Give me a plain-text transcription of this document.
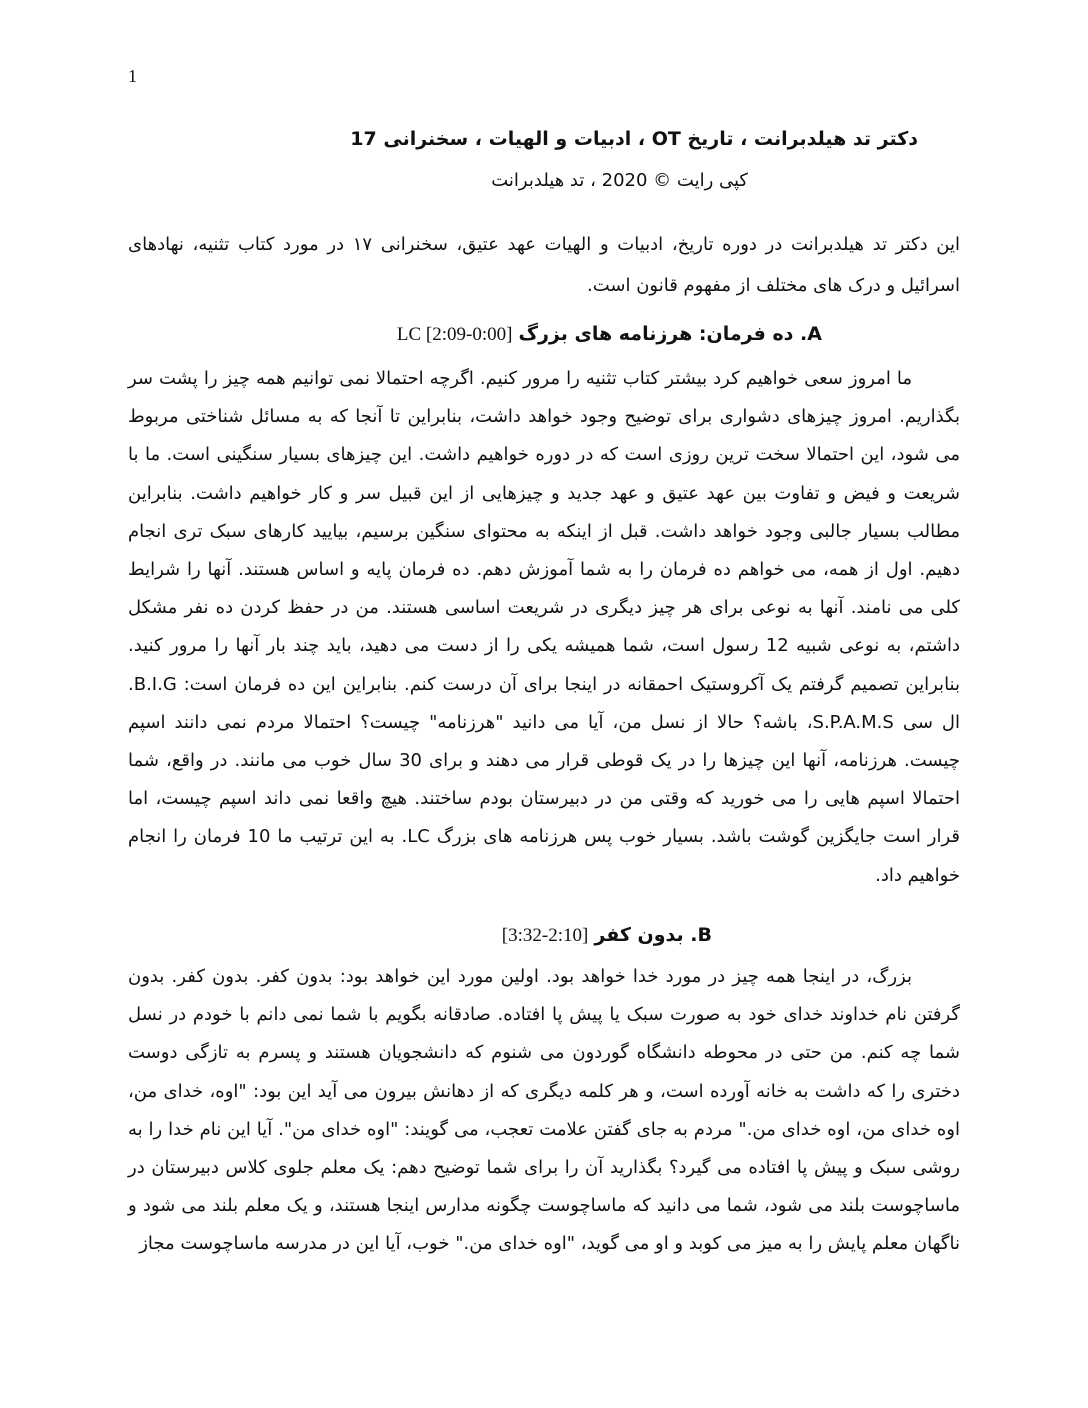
1
دکتر تد هیلدبرانت ، تاریخ OT ، ادبیات و الهیات ، سخنرانی 17
کپی رایت © 2020 ، تد هیلدبرانت
این دکتر تد هیلدبرانت در دوره تاریخ، ادبیات و الهیات عهد عتیق، سخنرانی ۱۷ در مورد کتاب تثنیه، نهادهای اسرائیل و درک های مختلف از مفهوم قانون است.
A. ده فرمان: هرزنامه های بزرگ [0:00-2:09] LC
ما امروز سعی خواهیم کرد بیشتر کتاب تثنیه را مرور کنیم. اگرچه احتمالا نمی توانیم همه چیز را پشت سر بگذاریم. امروز چیزهای دشواری برای توضیح وجود خواهد داشت، بنابراین تا آنجا که به مسائل شناختی مربوط می شود، این احتمالا سخت ترین روزی است که در دوره خواهیم داشت. این چیزهای بسیار سنگینی است. ما با شریعت و فیض و تفاوت بین عهد عتیق و عهد جدید و چیزهایی از این قبیل سر و کار خواهیم داشت. بنابراین مطالب بسیار جالبی وجود خواهد داشت. قبل از اینکه به محتوای سنگین برسیم، بیایید کارهای سبک تری انجام دهیم. اول از همه، می خواهم ده فرمان را به شما آموزش دهم. ده فرمان پایه و اساس هستند. آنها را شرایط کلی می نامند. آنها به نوعی برای هر چیز دیگری در شریعت اساسی هستند. من در حفظ کردن ده نفر مشکل داشتم، به نوعی شبیه 12 رسول است، شما همیشه یکی را از دست می دهید، باید چند بار آنها را مرور کنید. بنابراین تصمیم گرفتم یک آکروستیک احمقانه در اینجا برای آن درست کنم. بنابراین این ده فرمان است: B.I.G. ال سی S.P.A.M.S، باشه؟ حالا از نسل من، آیا می دانید "هرزنامه" چیست؟ احتمالا مردم نمی دانند اسپم چیست. هرزنامه، آنها این چیزها را در یک قوطی قرار می دهند و برای 30 سال خوب می مانند. در واقع، شما احتمالا اسپم هایی را می خورید که وقتی من در دبیرستان بودم ساختند. هیچ واقعا نمی داند اسپم چیست، اما قرار است جایگزین گوشت باشد. بسیار خوب پس هرزنامه های بزرگ LC. به این ترتیب ما 10 فرمان را انجام خواهیم داد.
B. بدون کفر [2:10-3:32]
بزرگ، در اینجا همه چیز در مورد خدا خواهد بود. اولین مورد این خواهد بود: بدون کفر. بدون کفر. بدون گرفتن نام خداوند خدای خود به صورت سبک یا پیش پا افتاده. صادقانه بگویم با شما نمی دانم با خودم در نسل شما چه کنم. من حتی در محوطه دانشگاه گوردون می شنوم که دانشجویان هستند و پسرم به تازگی دوست دختری را که داشت به خانه آورده است، و هر کلمه دیگری که از دهانش بیرون می آید این بود: "اوه، خدای من، اوه خدای من، اوه خدای من." مردم به جای گفتن علامت تعجب، می گویند: "اوه خدای من". آیا این نام خدا را به روشی سبک و پیش پا افتاده می گیرد؟ بگذارید آن را برای شما توضیح دهم: یک معلم جلوی کلاس دبیرستان در ماساچوست بلند می شود، شما می دانید که ماساچوست چگونه مدارس اینجا هستند، و یک معلم بلند می شود و ناگهان معلم پایش را به میز می کوبد و او می گوید، "اوه خدای من." خوب، آیا این در مدرسه ماساچوست مجاز
